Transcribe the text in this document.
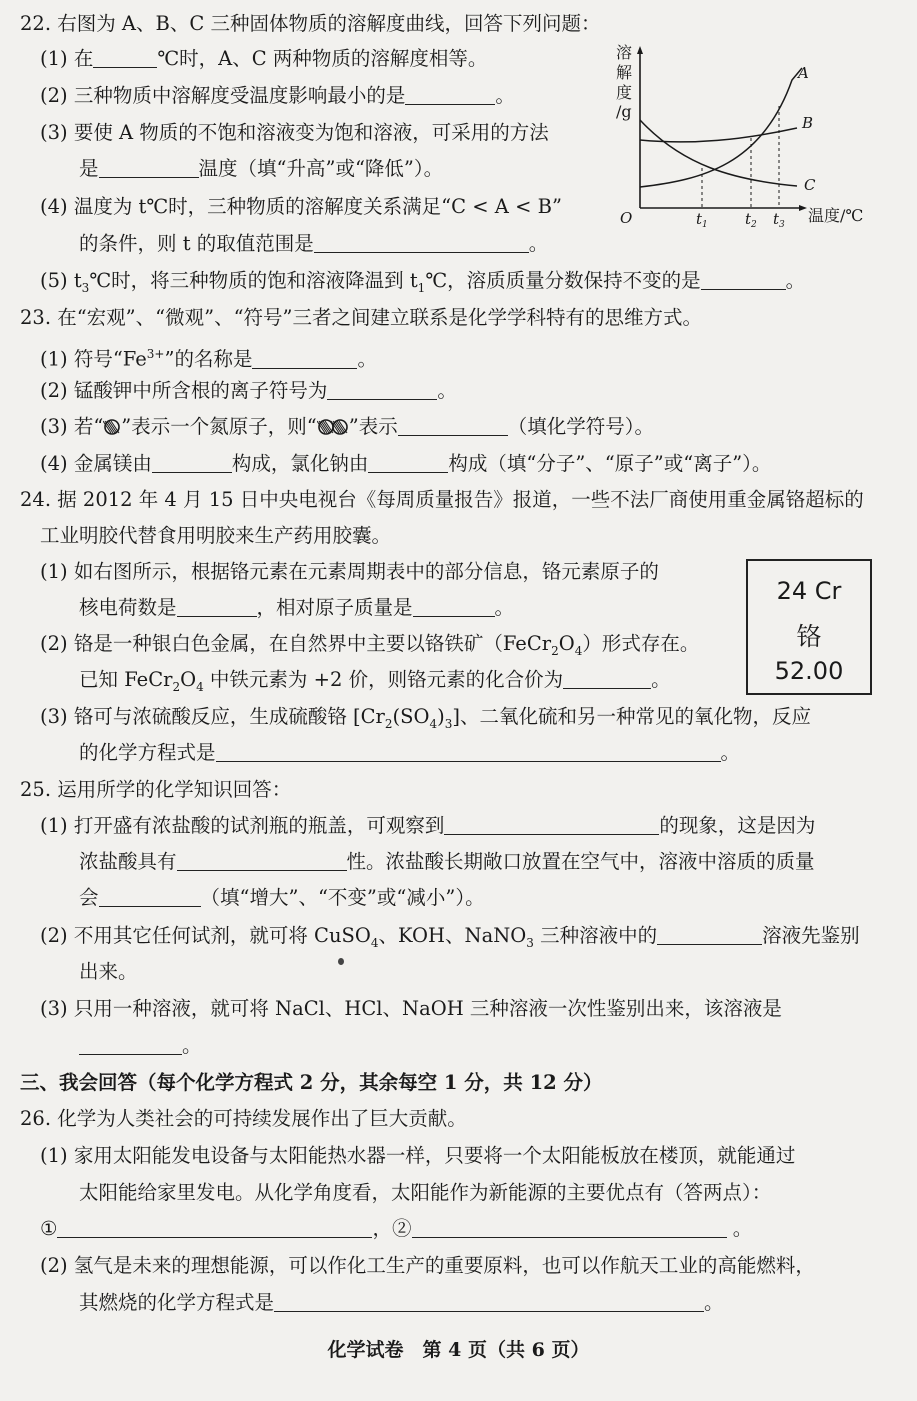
22. 右图为 A、B、C 三种固体物质的溶解度曲线，回答下列问题：
(1) 在	℃时，A、C 两种物质的溶解度相等。
(2) 三种物质中溶解度受温度影响最小的是	。
(3) 要使 A 物质的不饱和溶液变为饱和溶液，可采用的方法
是	温度（填“升高”或“降低”）。
(4) 温度为 t℃时，三种物质的溶解度关系满足“C < A < B”
的条件，则 t 的取值范围是	。
(5) $t_3℃$时，将三种物质的饱和溶液降温到 $t_1℃$，溶质质量分数保持不变的是	。
23. 在“宏观”、“微观”、“符号”三者之间建立联系是化学学科特有的思维方式。
(1) 符号“$Fe^{3+}$”的名称是	。
(2) 锰酸钾中所含根的离子符号为	。
(3) 若“ ”表示一个氮原子，则“ ”表示	（填化学符号）。
(4) 金属镁由	构成，氯化钠由	构成（填“分子”、“原子”或“离子”）。
24. 据 2012 年 4 月 15 日中央电视台《每周质量报告》报道，一些不法厂商使用重金属铬超标的
工业明胶代替食用明胶来生产药用胶囊。
(1) 如右图所示，根据铬元素在元素周期表中的部分信息，铬元素原子的
核电荷数是	，相对原子质量是	。
(2) 铬是一种银白色金属，在自然界中主要以铬铁矿$(FeCr_2O_4)$形式存在。
已知 $FeCr_2O_4$ 中铁元素为 +2 价，则铬元素的化合价为	。
(3) 铬可与浓硫酸反应，生成硫酸铬 $[Cr_2(SO_4)_3]$、二氧化硫和另一种常见的氧化物，反应
的化学方程式是	。
25. 运用所学的化学知识回答：
(1) 打开盛有浓盐酸的试剂瓶的瓶盖，可观察到	的现象，这是因为
浓盐酸具有	性。浓盐酸长期敞口放置在空气中，溶液中溶质的质量
会	（填“增大”、“不变”或“减小”）。
(2) 不用其它任何试剂，就可将 CuSO$_4$、KOH、NaNO$_3$ 三种溶液中的	溶液先鉴别
出来。
(3) 只用一种溶液，就可将 NaCl、HCl、NaOH 三种溶液一次性鉴别出来，该溶液是
。
三、我会回答（每个化学方程式 2 分，其余每空 1 分，共 12 分）
26. 化学为人类社会的可持续发展作出了巨大贡献。
(1) 家用太阳能发电设备与太阳能热水器一样，只要将一个太阳能板放在楼顶，就能通过
太阳能给家里发电。从化学角度看，太阳能作为新能源的主要优点有（答两点）：
①	，②	。
(2) 氢气是未来的理想能源，可以作化工生产的重要原料，也可以作航天工业的高能燃料，
其燃烧的化学方程式是	。
溶
解
度
/g
O	温度/℃
$t_1$ $t_2$ $t_3$
A
B
C
24 Cr
铬
52.00
化学试卷　第 4 页（共 6 页）
